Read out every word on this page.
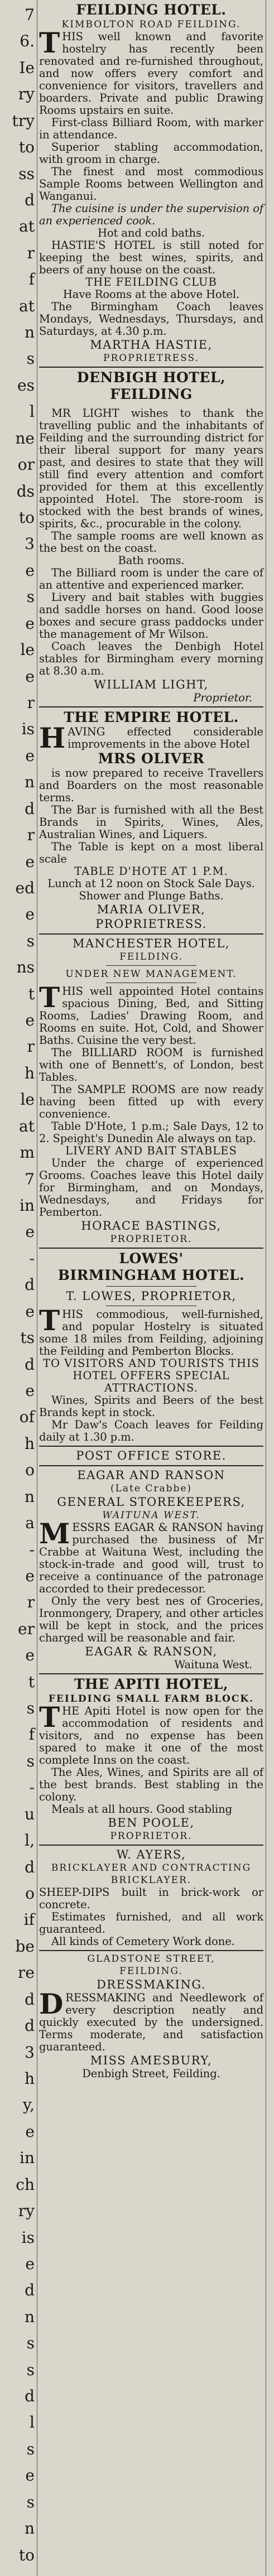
7
6.
Ie
ry
try
to
ss
d
at
r
f
at
n
s
es
l
ne
or
ds
to
3
e
s
e
le
e
r
is
e
n
d
r
e
ed
e
s
ns
t
e
r
h
le
at
m
7
in
e
-
d
e
ts
d
e
of
h
o
n
a
-
e
r
er
e
t
s
f
s
-
u
l,
d
o
if
be
re
d
d
3
h
y,
e
in
ch
ry
is
e
d
n
s
s
d
l
s
e
s
n
to
FEILDING HOTEL.
KIMBOLTON ROAD FEILDING.

THIS well known and favorite hostelry has recently been renovated and re-furnished throughout, and now offers every comfort and convenience for visitors, travellers and boarders. Private and public Drawing Rooms upstairs en suite.

First-class Billiard Room, with marker in attendance.

Superior stabling accommodation, with groom in charge.

The finest and most commodious Sample Rooms between Wellington and Wanganui.

The cuisine is under the supervision of an experienced cook.

Hot and cold baths.

HASTIE'S HOTEL is still noted for keeping the best wines, spirits, and beers of any house on the coast.

THE FEILDING CLUB

Have Rooms at the above Hotel.

The Birmingham Coach leaves Mondays, Wednesdays, Thursdays, and Saturdays, at 4.30 p.m.

MARTHA HASTIE,
PROPRIETRESS.
DENBIGH HOTEL, FEILDING

MR LIGHT wishes to thank the travelling public and the inhabitants of Feilding and the surrounding district for their liberal support for many years past, and desires to state that they will still find every attention and comfort provided for them at this excellently appointed Hotel. The store-room is stocked with the best brands of wines, spirits, &c., procurable in the colony.

The sample rooms are well known as the best on the coast.

Bath rooms.

The Billiard room is under the care of an attentive and experienced marker.

Livery and bait stables with buggies and saddle horses on hand. Good loose boxes and secure grass paddocks under the management of Mr Wilson.

Coach leaves the Denbigh Hotel stables for Birmingham every morning at 8.30 a.m.

WILLIAM LIGHT,

Proprietor.

THE EMPIRE HOTEL.

HAVING effected considerable improvements in the above Hotel

MRS OLIVER

is now prepared to receive Travellers and Boarders on the most reasonable terms.

The Bar is furnished with all the Best Brands in Spirits, Wines, Ales, Australian Wines, and Liquers.

The Table is kept on a most liberal scale

TABLE D'HOTE AT 1 P.M.

Lunch at 12 noon on Stock Sale Days.

Shower and Plunge Baths.

MARIA OLIVER, PROPRIETRESS.
MANCHESTER HOTEL,
FEILDING.
UNDER NEW MANAGEMENT.

THIS well appointed Hotel contains spacious Dining, Bed, and Sitting Rooms, Ladies' Drawing Room, and Rooms en suite. Hot, Cold, and Shower Baths. Cuisine the very best.

The BILLIARD ROOM is furnished with one of Bennett's, of London, best Tables.

The SAMPLE ROOMS are now ready having been fitted up with every convenience.

Table D'Hote, 1 p.m.; Sale Days, 12 to 2. Speight's Dunedin Ale always on tap.

LIVERY AND BAIT STABLES

Under the charge of experienced Grooms. Coaches leave this Hotel daily for Birmingham, and on Mondays, Wednesdays, and Fridays for Pemberton.

HORACE BASTINGS,
PROPRIETOR.
LOWES'
BIRMINGHAM HOTEL.
T. LOWES, PROPRIETOR,

THIS commodious, well-furnished, and popular Hostelry is situated some 18 miles from Feilding, adjoining the Feilding and Pemberton Blocks.

TO VISITORS AND TOURISTS THIS HOTEL OFFERS SPECIAL ATTRACTIONS.

Wines, Spirits and Beers of the best Brands kept in stock.

Mr Daw's Coach leaves for Feilding daily at 1.30 p.m.

POST OFFICE STORE.
EAGAR AND RANSON
(Late Crabbe)
GENERAL STOREKEEPERS,
WAITUNA WEST.

MESSRS EAGAR & RANSON having purchased the business of Mr Crabbe at Waituna West, including the stock-in-trade and good will, trust to receive a continuance of the patronage accorded to their predecessor.

Only the very best nes of Groceries, Ironmongery, Drapery, and other articles will be kept in stock, and the prices charged will be reasonable and fair.

EAGAR & RANSON,

Waituna West.

THE APITI HOTEL,
FEILDING SMALL FARM BLOCK.

THE Apiti Hotel is now open for the accommodation of residents and visitors, and no expense has been spared to make it one of the most complete Inns on the coast.

The Ales, Wines, and Spirits are all of the best brands. Best stabling in the colony.

Meals at all hours. Good stabling

BEN POOLE,
PROPRIETOR.
W. AYERS,
BRICKLAYER AND CONTRACTING BRICKLAYER.

SHEEP-DIPS built in brick-work or concrete.

Estimates furnished, and all work guaranteed.

All kinds of Cemetery Work done.

GLADSTONE STREET,
FEILDING.
DRESSMAKING.

DRESSMAKING and Needlework of every description neatly and quickly executed by the undersigned. Terms moderate, and satisfaction guaranteed.

MISS AMESBURY,

Denbigh Street, Feilding.
